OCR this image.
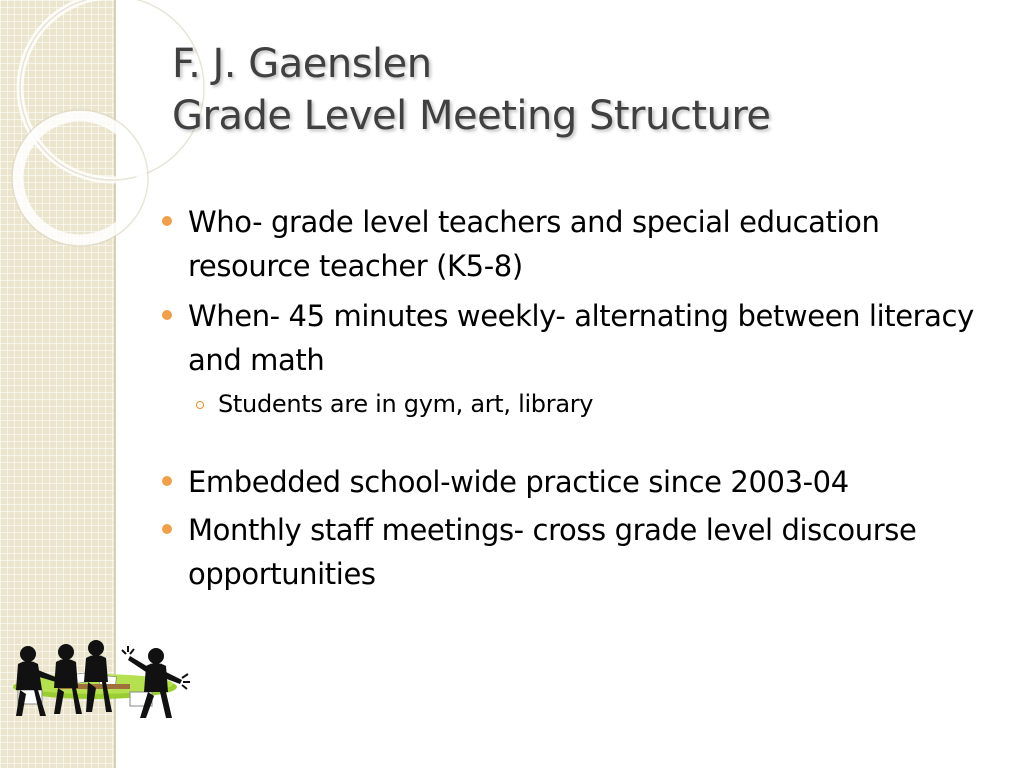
F. J. Gaenslen
Grade Level Meeting Structure
Who- grade level teachers and special education resource teacher (K5-8)
When- 45 minutes weekly- alternating between literacy and math
Students are in gym, art, library
Embedded school-wide practice since 2003-04
Monthly staff meetings- cross grade level discourse opportunities
